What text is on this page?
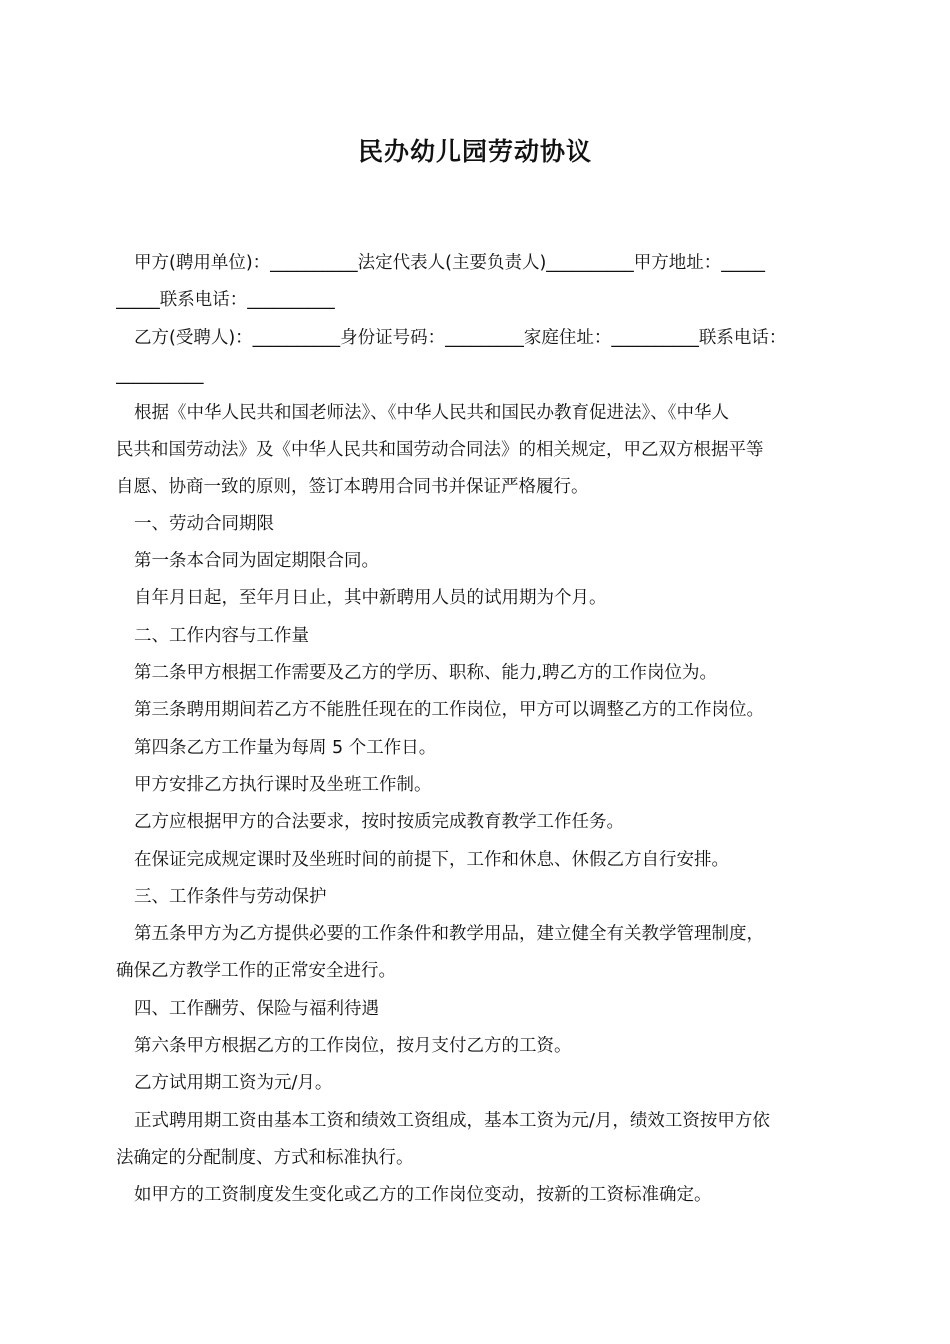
民办幼儿园劳动协议
甲方(聘用单位)：__________法定代表人(主要负责人)__________甲方地址：_____
_____联系电话：__________
乙方(受聘人)：__________身份证号码：_________家庭住址：__________联系电话：
__________
根据《中华人民共和国老师法》、《中华人民共和国民办教育促进法》、《中华人
民共和国劳动法》及《中华人民共和国劳动合同法》的相关规定，甲乙双方根据平等
自愿、协商一致的原则，签订本聘用合同书并保证严格履行。
一、劳动合同期限
第一条本合同为固定期限合同。
自年月日起，至年月日止，其中新聘用人员的试用期为个月。
二、工作内容与工作量
第二条甲方根据工作需要及乙方的学历、职称、能力,聘乙方的工作岗位为。
第三条聘用期间若乙方不能胜任现在的工作岗位，甲方可以调整乙方的工作岗位。
第四条乙方工作量为每周 5 个工作日。
甲方安排乙方执行课时及坐班工作制。
乙方应根据甲方的合法要求，按时按质完成教育教学工作任务。
在保证完成规定课时及坐班时间的前提下，工作和休息、休假乙方自行安排。
三、工作条件与劳动保护
第五条甲方为乙方提供必要的工作条件和教学用品，建立健全有关教学管理制度，
确保乙方教学工作的正常安全进行。
四、工作酬劳、保险与福利待遇
第六条甲方根据乙方的工作岗位，按月支付乙方的工资。
乙方试用期工资为元/月。
正式聘用期工资由基本工资和绩效工资组成，基本工资为元/月，绩效工资按甲方依
法确定的分配制度、方式和标准执行。
如甲方的工资制度发生变化或乙方的工作岗位变动，按新的工资标准确定。
